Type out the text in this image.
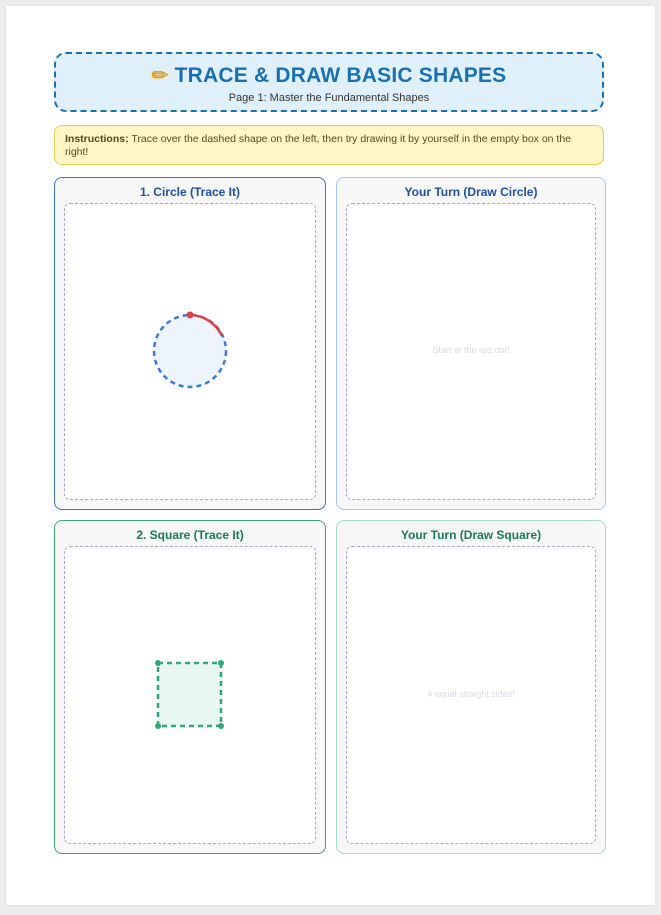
✏ TRACE & DRAW BASIC SHAPES
Page 1: Master the Fundamental Shapes
Instructions: Trace over the dashed shape on the left, then try drawing it by yourself in the empty box on the right!
1. Circle (Trace It)	Your Turn (Draw Circle)
Start at the red dot!
2. Square (Trace It)	Your Turn (Draw Square)
4 equal straight sides!
